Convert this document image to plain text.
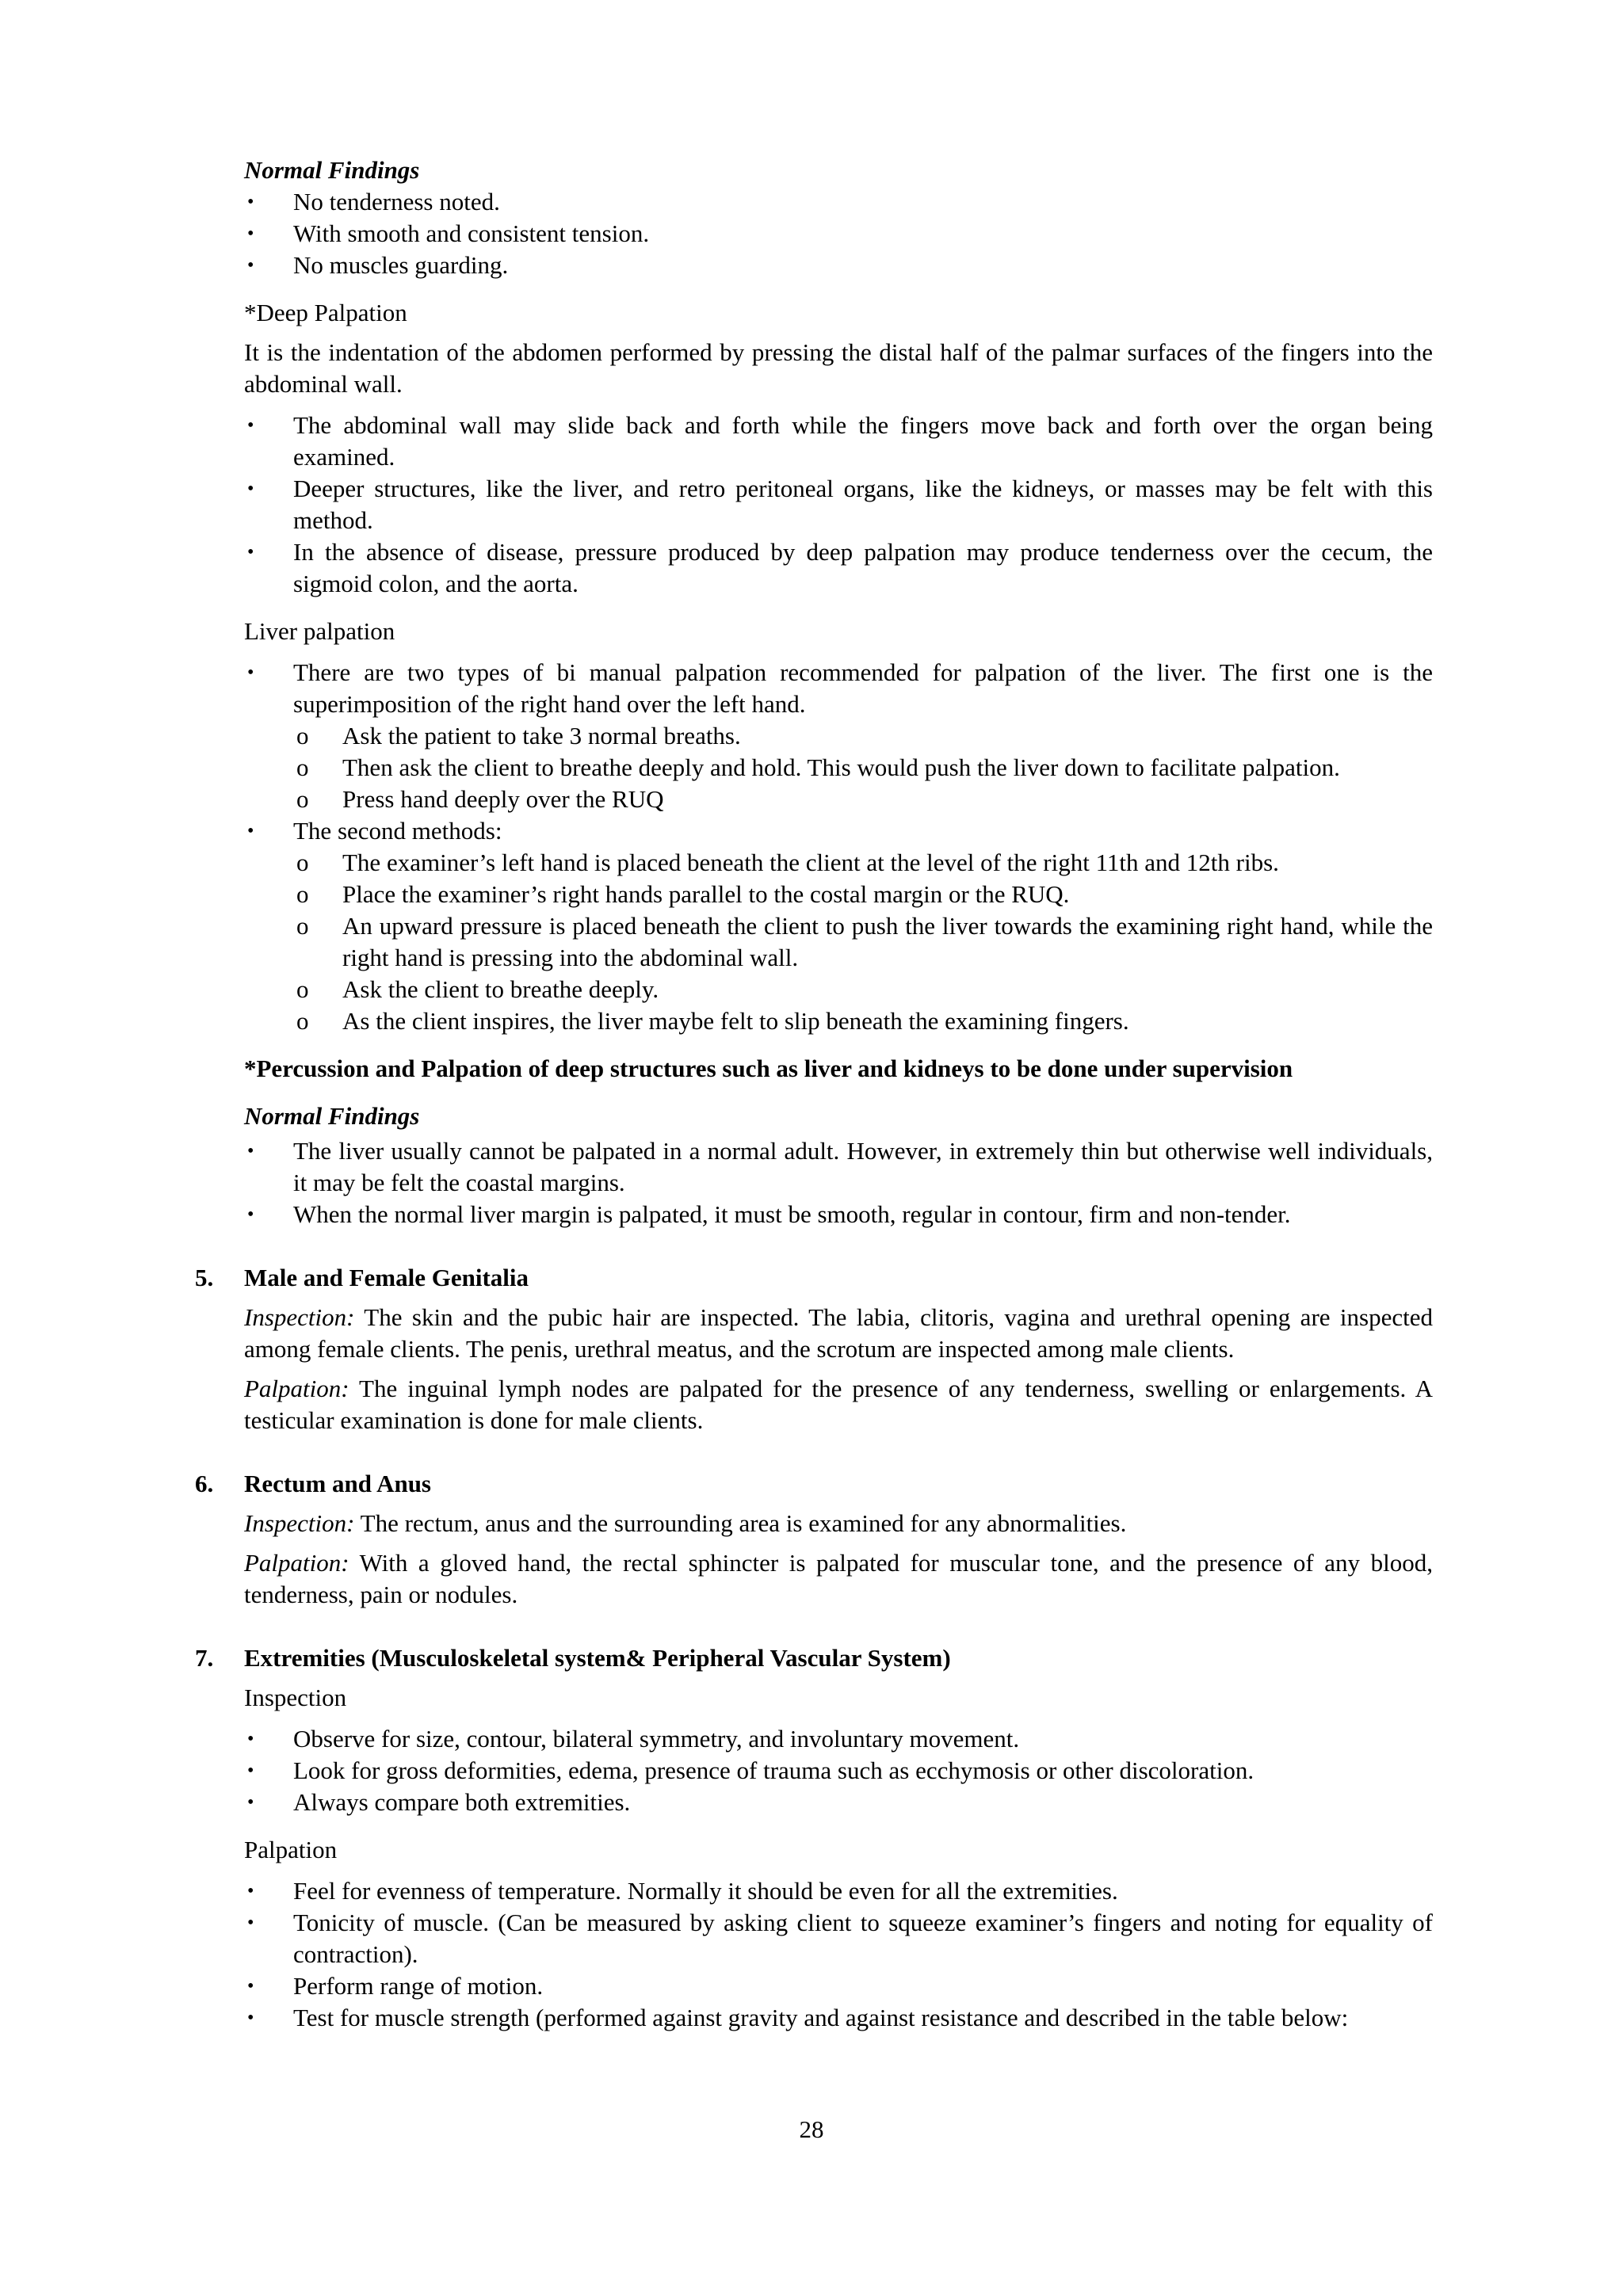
Normal Findings

• No tenderness noted.
• With smooth and consistent tension.
• No muscles guarding.

*Deep Palpation

It is the indentation of the abdomen performed by pressing the distal half of the palmar surfaces of the fingers into the abdominal wall.

• The abdominal wall may slide back and forth while the fingers move back and forth over the organ being examined.
• Deeper structures, like the liver, and retro peritoneal organs, like the kidneys, or masses may be felt with this method.
• In the absence of disease, pressure produced by deep palpation may produce tenderness over the cecum, the sigmoid colon, and the aorta.

Liver palpation

• There are two types of bi manual palpation recommended for palpation of the liver. The first one is the superimposition of the right hand over the left hand.
o Ask the patient to take 3 normal breaths.
o Then ask the client to breathe deeply and hold. This would push the liver down to facilitate palpation.
o Press hand deeply over the RUQ
• The second methods:
o The examiner’s left hand is placed beneath the client at the level of the right 11th and 12th ribs.
o Place the examiner’s right hands parallel to the costal margin or the RUQ.
o An upward pressure is placed beneath the client to push the liver towards the examining right hand, while the right hand is pressing into the abdominal wall.
o Ask the client to breathe deeply.
o As the client inspires, the liver maybe felt to slip beneath the examining fingers.

*Percussion and Palpation of deep structures such as liver and kidneys to be done under supervision

Normal Findings

• The liver usually cannot be palpated in a normal adult. However, in extremely thin but otherwise well individuals, it may be felt the coastal margins.
• When the normal liver margin is palpated, it must be smooth, regular in contour, firm and non-tender.

5. Male and Female Genitalia

Inspection: The skin and the pubic hair are inspected. The labia, clitoris, vagina and urethral opening are inspected among female clients. The penis, urethral meatus, and the scrotum are inspected among male clients.

Palpation: The inguinal lymph nodes are palpated for the presence of any tenderness, swelling or enlargements. A testicular examination is done for male clients.

6. Rectum and Anus

Inspection: The rectum, anus and the surrounding area is examined for any abnormalities.

Palpation: With a gloved hand, the rectal sphincter is palpated for muscular tone, and the presence of any blood, tenderness, pain or nodules.

7. Extremities (Musculoskeletal system& Peripheral Vascular System)

Inspection

• Observe for size, contour, bilateral symmetry, and involuntary movement.
• Look for gross deformities, edema, presence of trauma such as ecchymosis or other discoloration.
• Always compare both extremities.

Palpation

• Feel for evenness of temperature. Normally it should be even for all the extremities.
• Tonicity of muscle. (Can be measured by asking client to squeeze examiner’s fingers and noting for equality of contraction).
• Perform range of motion.
• Test for muscle strength (performed against gravity and against resistance and described in the table below:
28
